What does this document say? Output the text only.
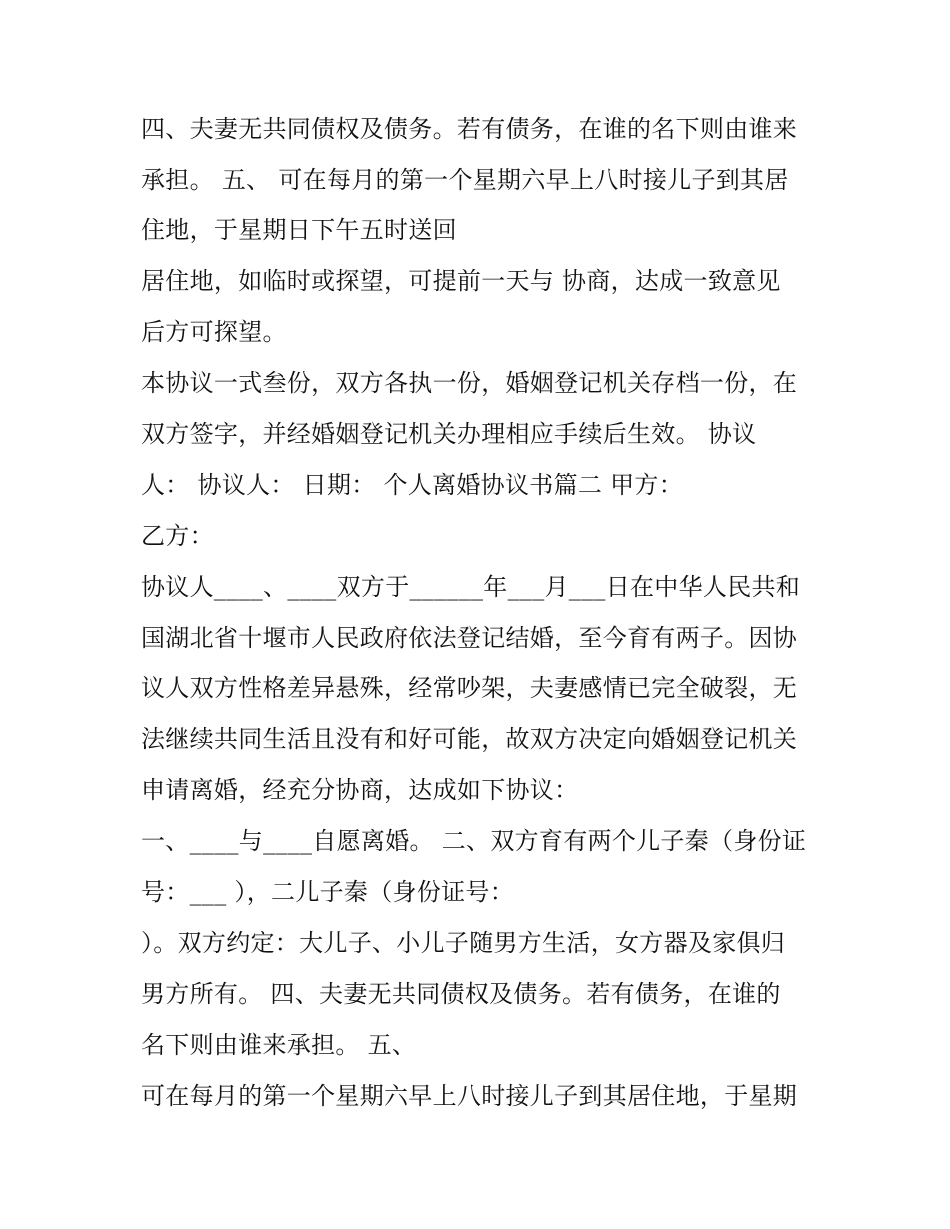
四、夫妻无共同债权及债务。若有债务，在谁的名下则由谁来

承担。 五、 可在每月的第一个星期六早上八时接儿子到其居

住地，于星期日下午五时送回

居住地，如临时或探望，可提前一天与 协商，达成一致意见

后方可探望。

本协议一式叁份，双方各执一份，婚姻登记机关存档一份，在

双方签字，并经婚姻登记机关办理相应手续后生效。 协议

人： 协议人： 日期： 个人离婚协议书篇二 甲方：

乙方：

协议人____、____双方于______年___月___日在中华人民共和

国湖北省十堰市人民政府依法登记结婚，至今育有两子。因协

议人双方性格差异悬殊，经常吵架，夫妻感情已完全破裂，无

法继续共同生活且没有和好可能，故双方决定向婚姻登记机关

申请离婚，经充分协商，达成如下协议：

一、____与____自愿离婚。 二、双方育有两个儿子秦（身份证

号：___ ），二儿子秦（身份证号：

）。双方约定：大儿子、小儿子随男方生活，女方器及家俱归

男方所有。 四、夫妻无共同债权及债务。若有债务，在谁的

名下则由谁来承担。 五、

可在每月的第一个星期六早上八时接儿子到其居住地，于星期
